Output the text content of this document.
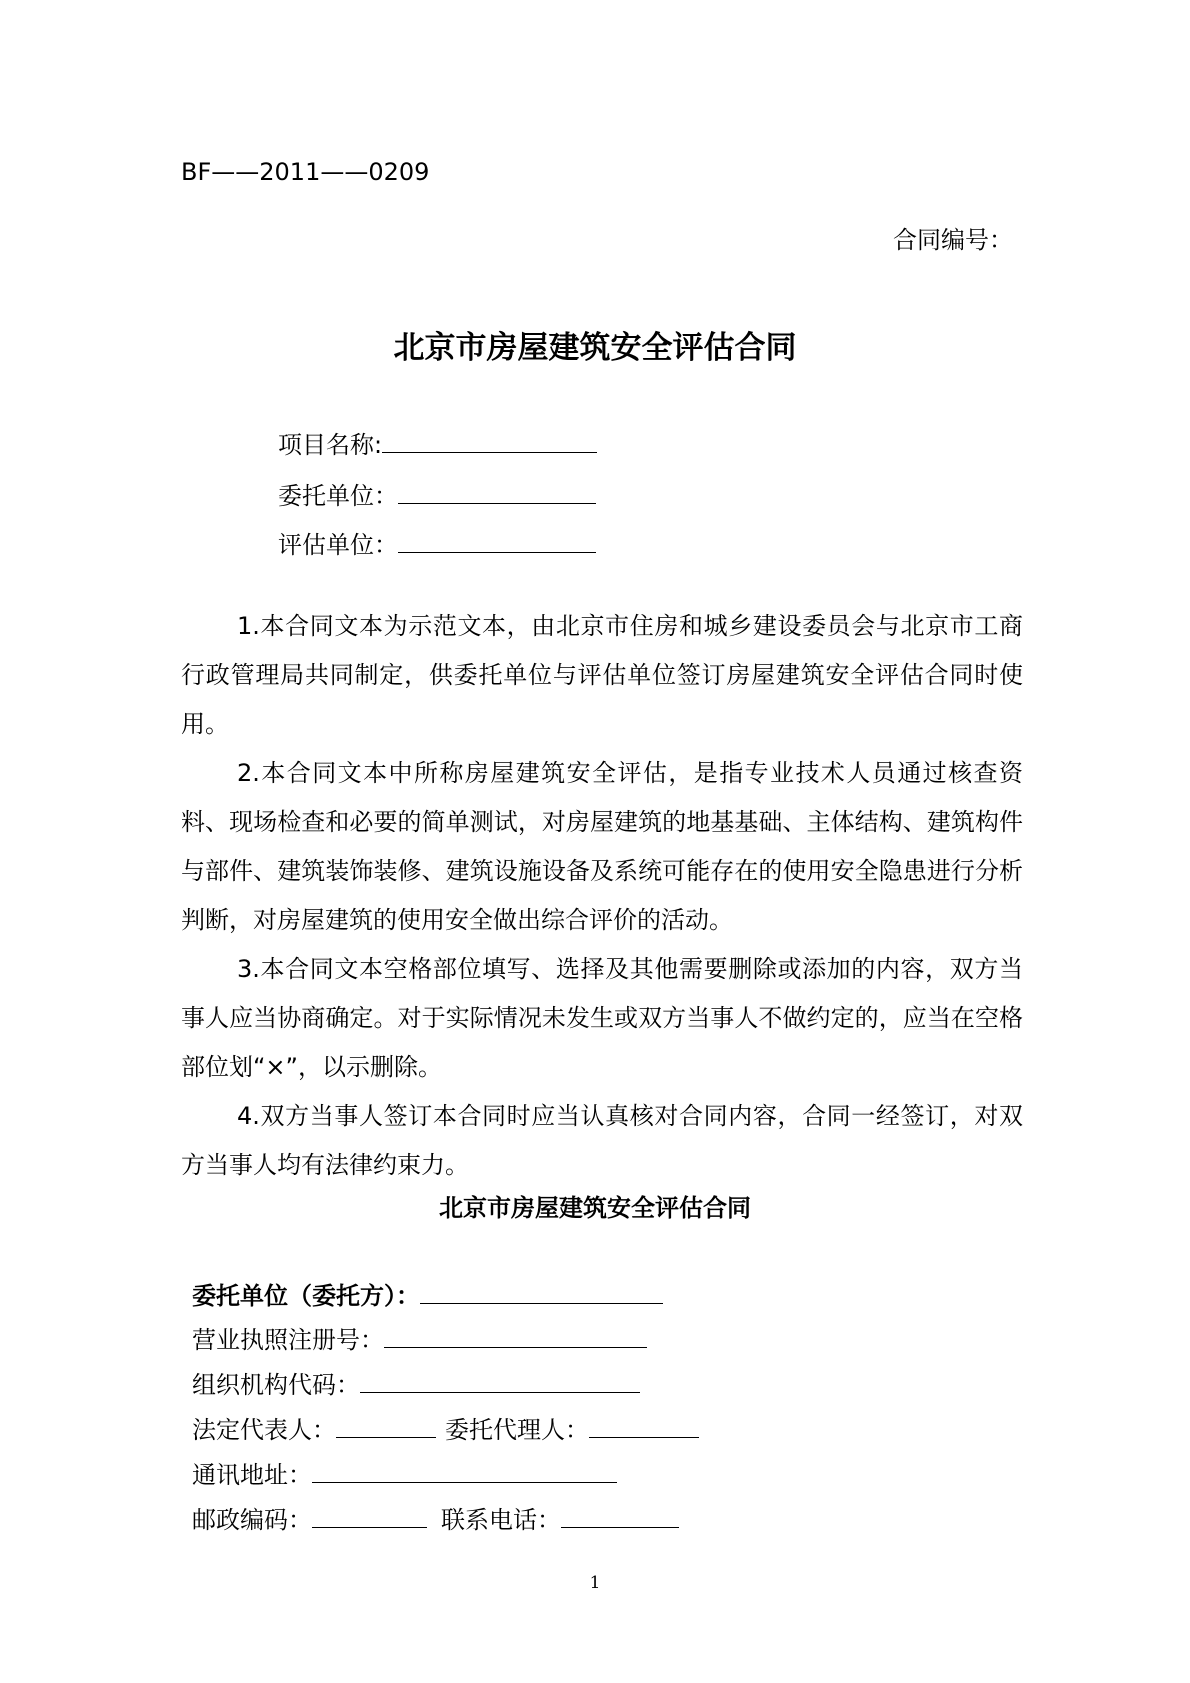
BF——2011——0209
合同编号：
北京市房屋建筑安全评估合同
项目名称:
委托单位：
评估单位：

1.本合同文本为示范文本，由北京市住房和城乡建设委员会与北京市工商行政管理局共同制定，供委托单位与评估单位签订房屋建筑安全评估合同时使用。

2.本合同文本中所称房屋建筑安全评估，是指专业技术人员通过核查资料、现场检查和必要的简单测试，对房屋建筑的地基基础、主体结构、建筑构件与部件、建筑装饰装修、建筑设施设备及系统可能存在的使用安全隐患进行分析判断，对房屋建筑的使用安全做出综合评价的活动。

3.本合同文本空格部位填写、选择及其他需要删除或添加的内容，双方当事人应当协商确定。对于实际情况未发生或双方当事人不做约定的，应当在空格部位划“×”，以示删除。

4.双方当事人签订本合同时应当认真核对合同内容，合同一经签订，对双方当事人均有法律约束力。

北京市房屋建筑安全评估合同
委托单位（委托方）：
营业执照注册号：
组织机构代码：
法定代表人：	委托代理人：
通讯地址：
邮政编码：	联系电话：
1
